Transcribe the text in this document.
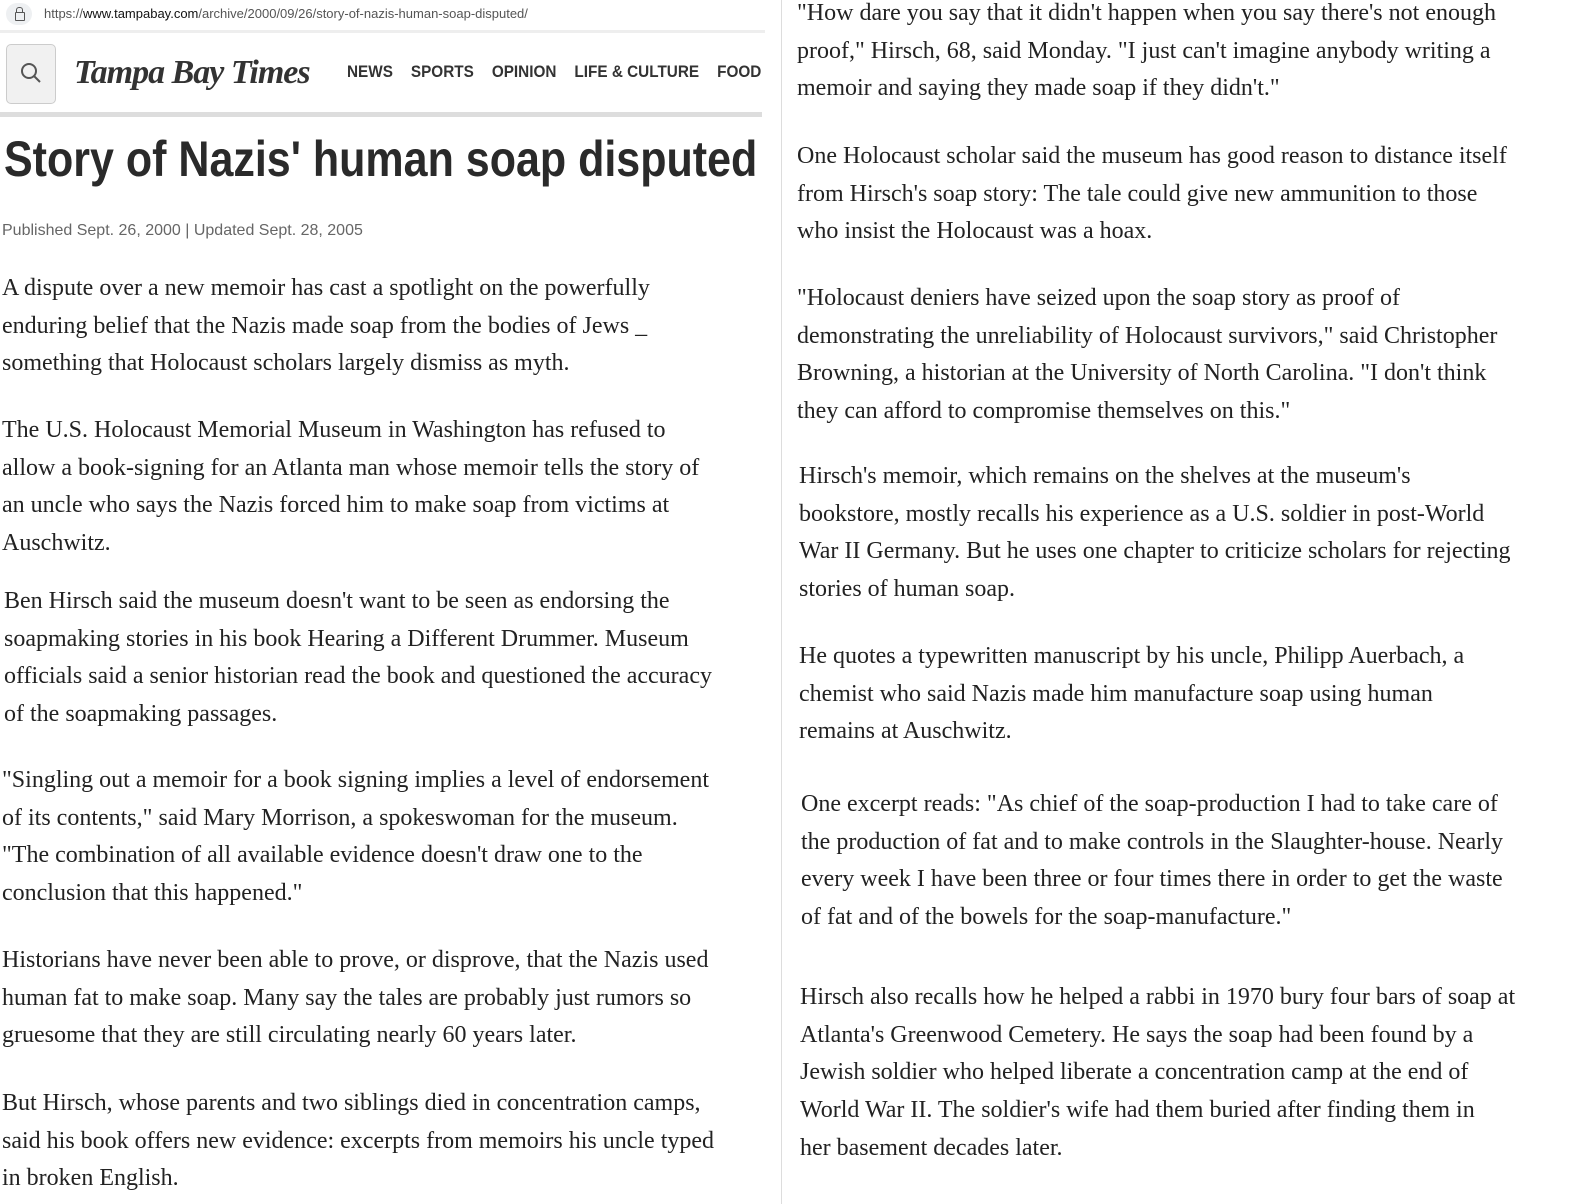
https://www.tampabay.com/archive/2000/09/26/story-of-nazis-human-soap-disputed/
Tampa Bay Times NEWS SPORTS OPINION LIFE & CULTURE FOOD
Story of Nazis' human soap disputed
Published Sept. 26, 2000 | Updated Sept. 28, 2005
A dispute over a new memoir has cast a spotlight on the powerfully
enduring belief that the Nazis made soap from the bodies of Jews _
something that Holocaust scholars largely dismiss as myth.
The U.S. Holocaust Memorial Museum in Washington has refused to
allow a book-signing for an Atlanta man whose memoir tells the story of
an uncle who says the Nazis forced him to make soap from victims at
Auschwitz.
Ben Hirsch said the museum doesn't want to be seen as endorsing the
soapmaking stories in his book Hearing a Different Drummer. Museum
officials said a senior historian read the book and questioned the accuracy
of the soapmaking passages.
"Singling out a memoir for a book signing implies a level of endorsement
of its contents," said Mary Morrison, a spokeswoman for the museum.
"The combination of all available evidence doesn't draw one to the
conclusion that this happened."
Historians have never been able to prove, or disprove, that the Nazis used
human fat to make soap. Many say the tales are probably just rumors so
gruesome that they are still circulating nearly 60 years later.
But Hirsch, whose parents and two siblings died in concentration camps,
said his book offers new evidence: excerpts from memoirs his uncle typed
in broken English.
"How dare you say that it didn't happen when you say there's not enough
proof," Hirsch, 68, said Monday. "I just can't imagine anybody writing a
memoir and saying they made soap if they didn't."
One Holocaust scholar said the museum has good reason to distance itself
from Hirsch's soap story: The tale could give new ammunition to those
who insist the Holocaust was a hoax.
"Holocaust deniers have seized upon the soap story as proof of
demonstrating the unreliability of Holocaust survivors," said Christopher
Browning, a historian at the University of North Carolina. "I don't think
they can afford to compromise themselves on this."
Hirsch's memoir, which remains on the shelves at the museum's
bookstore, mostly recalls his experience as a U.S. soldier in post-World
War II Germany. But he uses one chapter to criticize scholars for rejecting
stories of human soap.
He quotes a typewritten manuscript by his uncle, Philipp Auerbach, a
chemist who said Nazis made him manufacture soap using human
remains at Auschwitz.
One excerpt reads: "As chief of the soap-production I had to take care of
the production of fat and to make controls in the Slaughter-house. Nearly
every week I have been three or four times there in order to get the waste
of fat and of the bowels for the soap-manufacture."
Hirsch also recalls how he helped a rabbi in 1970 bury four bars of soap at
Atlanta's Greenwood Cemetery. He says the soap had been found by a
Jewish soldier who helped liberate a concentration camp at the end of
World War II. The soldier's wife had them buried after finding them in
her basement decades later.
